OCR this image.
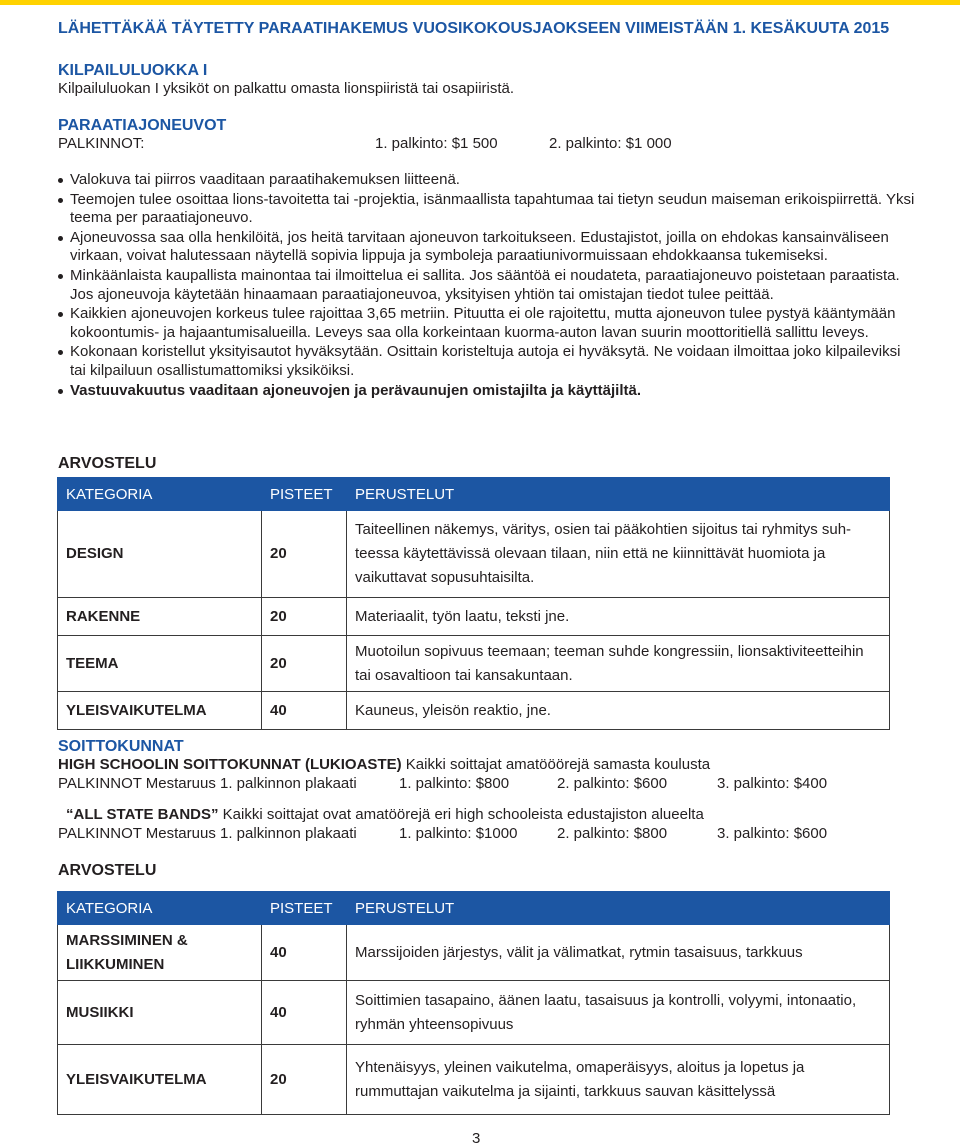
LÄHETTÄKÄÄ TÄYTETTY PARAATIHAKEMUS VUOSIKOKOUSJAOKSEEN VIIMEISTÄÄN 1. KESÄKUUTA 2015
KILPAILULUOKKA I
Kilpailuluokan I yksiköt on palkattu omasta lionspiiristä tai osapiiristä.
PARAATIAJONEUVOT
PALKINNOT:	1. palkinto: $1 500	2. palkinto: $1 000
Valokuva tai piirros vaaditaan paraatihakemuksen liitteenä.
Teemojen tulee osoittaa lions-tavoitetta tai -projektia, isänmaallista tapahtumaa tai tietyn seudun maiseman erikoispiirrettä. Yksi teema per paraatiajoneuvo.
Ajoneuvossa saa olla henkilöitä, jos heitä tarvitaan ajoneuvon tarkoitukseen. Edustajistot, joilla on ehdokas kansainväliseen virkaan, voivat halutessaan näytellä sopivia lippuja ja symboleja paraatiunivormuissaan ehdokkaansa tukemiseksi.
Minkäänlaista kaupallista mainontaa tai ilmoittelua ei sallita. Jos sääntöä ei noudateta, paraatiajoneuvo poistetaan paraatista. Jos ajoneuvoja käytetään hinaamaan paraatiajoneuvoa, yksityisen yhtiön tai omistajan tiedot tulee peittää.
Kaikkien ajoneuvojen korkeus tulee rajoittaa 3,65 metriin. Pituutta ei ole rajoitettu, mutta ajoneuvon tulee pystyä kääntymään kokoontumis- ja hajaantumisalueilla. Leveys saa olla korkeintaan kuorma-auton lavan suurin moottoritiellä sallittu leveys.
Kokonaan koristellut yksityisautot hyväksytään. Osittain koristeltuja autoja ei hyväksytä. Ne voidaan ilmoittaa joko kilpaileviksi tai kilpailuun osallistumattomiksi yksiköiksi.
Vastuuvakuutus vaaditaan ajoneuvojen ja perävaunujen omistajilta ja käyttäjiltä.
ARVOSTELU
KATEGORIA	PISTEET	PERUSTELUT
DESIGN	20	Taiteellinen näkemys, väritys, osien tai pääkohtien sijoitus tai ryhmitys suh-teessa käytettävissä olevaan tilaan, niin että ne kiinnittävät huomiota ja vaikuttavat sopusuhtaisilta.
RAKENNE	20	Materiaalit, työn laatu, teksti jne.
TEEMA	20	Muotoilun sopivuus teemaan; teeman suhde kongressiin, lionsaktiviteetteihin tai osavaltioon tai kansakuntaan.
YLEISVAIKUTELMA	40	Kauneus, yleisön reaktio, jne.
SOITTOKUNNAT
HIGH SCHOOLIN SOITTOKUNNAT (LUKIOASTE) Kaikki soittajat amatööörejä samasta koulusta
PALKINNOT Mestaruus 1. palkinnon plakaati	1. palkinto: $800	2. palkinto: $600	3. palkinto: $400
“ALL STATE BANDS” Kaikki soittajat ovat amatöörejä eri high schooleista edustajiston alueelta
PALKINNOT Mestaruus 1. palkinnon plakaati	1. palkinto: $1000	2. palkinto: $800	3. palkinto: $600
ARVOSTELU
KATEGORIA	PISTEET	PERUSTELUT
MARSSIMINEN & LIIKKUMINEN	40	Marssijoiden järjestys, välit ja välimatkat, rytmin tasaisuus, tarkkuus
MUSIIKKI	40	Soittimien tasapaino, äänen laatu, tasaisuus ja kontrolli, volyymi, intonaatio, ryhmän yhteensopivuus
YLEISVAIKUTELMA	20	Yhtenäisyys, yleinen vaikutelma, omaperäisyys, aloitus ja lopetus ja rummuttajan vaikutelma ja sijainti, tarkkuus sauvan käsittelyssä
3
